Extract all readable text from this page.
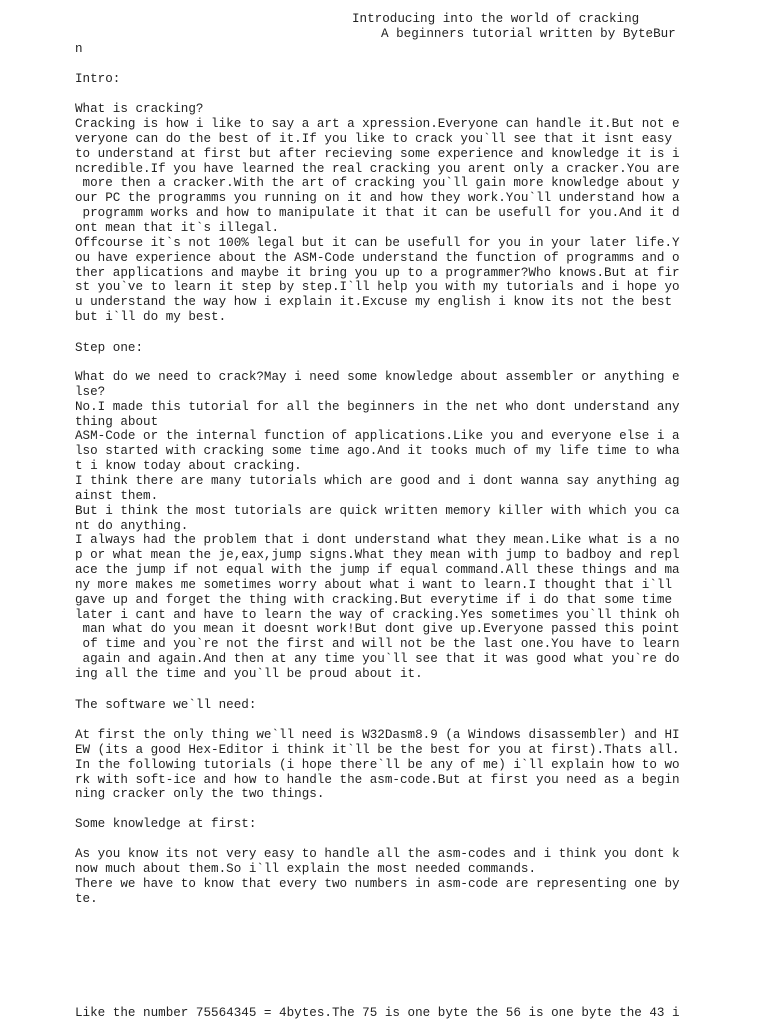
Introducing into the world of cracking

A beginners tutorial written by ByteBur

n

Intro:

What is cracking?

Cracking is how i like to say a art a xpression.Everyone can handle it.But not e

veryone can do the best of it.If you like to crack you`ll see that it isnt easy

to understand at first but after recieving some experience and knowledge it is i

ncredible.If you have learned the real cracking you arent only a cracker.You are

more then a cracker.With the art of cracking you`ll gain more knowledge about y

our PC the programms you running on it and how they work.You`ll understand how a

programm works and how to manipulate it that it can be usefull for you.And it d

ont mean that it`s illegal.

Offcourse it`s not 100% legal but it can be usefull for you in your later life.Y

ou have experience about the ASM-Code understand the function of programms and o

ther applications and maybe it bring you up to a programmer?Who knows.But at fir

st you`ve to learn it step by step.I`ll help you with my tutorials and i hope yo

u understand the way how i explain it.Excuse my english i know its not the best

but i`ll do my best.

Step one:

What do we need to crack?May i need some knowledge about assembler or anything e

lse?

No.I made this tutorial for all the beginners in the net who dont understand any

thing about

ASM-Code or the internal function of applications.Like you and everyone else i a

lso started with cracking some time ago.And it tooks much of my life time to wha

t i know today about cracking.

I think there are many tutorials which are good and i dont wanna say anything ag

ainst them.

But i think the most tutorials are quick written memory killer with which you ca

nt do anything.

I always had the problem that i dont understand what they mean.Like what is a no

p or what mean the je,eax,jump signs.What they mean with jump to badboy and repl

ace the jump if not equal with the jump if equal command.All these things and ma

ny more makes me sometimes worry about what i want to learn.I thought that i`ll

gave up and forget the thing with cracking.But everytime if i do that some time

later i cant and have to learn the way of cracking.Yes sometimes you`ll think oh

man what do you mean it doesnt work!But dont give up.Everyone passed this point

of time and you`re not the first and will not be the last one.You have to learn

again and again.And then at any time you`ll see that it was good what you`re do

ing all the time and you`ll be proud about it.

The software we`ll need:

At first the only thing we`ll need is W32Dasm8.9 (a Windows disassembler) and HI

EW (its a good Hex-Editor i think it`ll be the best for you at first).Thats all.

In the following tutorials (i hope there`ll be any of me) i`ll explain how to wo

rk with soft-ice and how to handle the asm-code.But at first you need as a begin

ning cracker only the two things.

Some knowledge at first:

As you know its not very easy to handle all the asm-codes and i think you dont k

now much about them.So i`ll explain the most needed commands.

There we have to know that every two numbers in asm-code are representing one by

te.

Like the number 75564345 = 4bytes.The 75 is one byte the 56 is one byte the 43 i
